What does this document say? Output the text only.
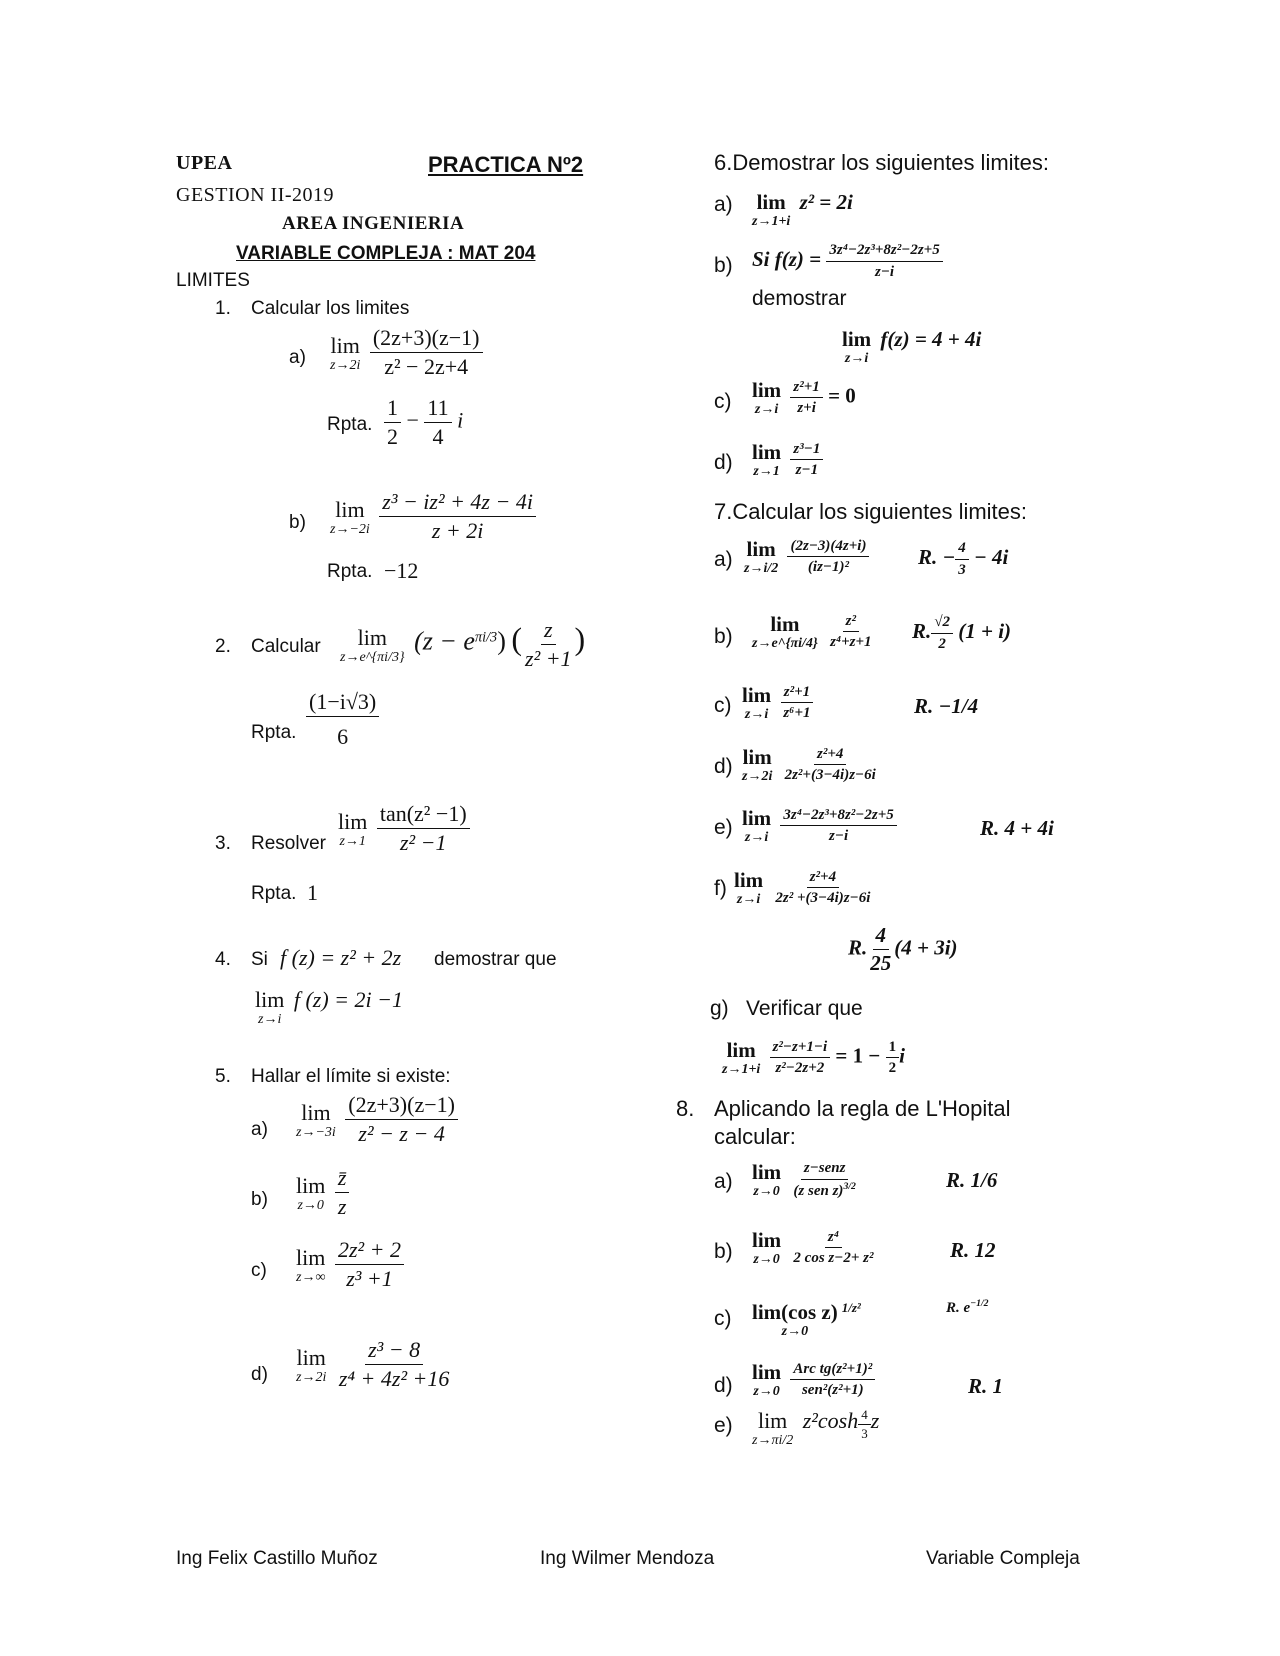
UPEA	PRACTICA Nº2
GESTION II-2019
AREA INGENIERIA
VARIABLE COMPLEJA : MAT 204
LIMITES
1. Calcular los limites
a) lim
z→2i
$\frac{(2z+3)(z-1)}{\text{z² − 2z+4}}$
Rpta. $\frac{1}{2} - \frac{11}{4}$ i
b)
lim
z→−2i
$\frac{\text{z³ − iz² + 4z − 4i}}{z + 2i}$
Rpta. −12
2. Calcular lim
z→e^{πi/3}
$(z - e^{\pi i/3})$ ( $\frac{z}{\text{z² +1}}$ )
Rpta. $\frac{(1-i√3)}{6}$
3. Resolver
lim
z→1
$\frac{\text{tan(z² −1)}}{\text{z² −1}}$
Rpta. 1
4. Si f (z) = z² + 2z demostrar que
lim
z→i
f (z) = 2i −1
5. Hallar el límite si existe:
a)
lim
z→−3i
$\frac{(2z+3)(z-1)}{\text{z² − z − 4}}$
b)
lim
z→0
$\frac{z̄}{z}$
c)
lim
z→∞
$\frac{\text{2z² + 2}}{\text{z³ +1}}$
d)
lim
z→2i
$\frac{\text{z³ − 8}}{\text{z⁴ + 4z² +16}}$
6.Demostrar los siguientes limites:
a) lim
z→1+i
z² = 2i
b) Si $f(z) = \frac{\text{3z⁴−2z³+8z²−2z+5}}{z-i}$
demostrar
lim
z→i
f(z) = 4 + 4i
c) lim
z→i
$\frac{\text{z²+1}}{z+i} = 0$
d) lim
z→1
$\frac{\text{z³−1}}{z-1}$
7.Calcular los siguientes limites:
a) lim
z→i/2
$\frac{(2z-3)(4z+i)}{\text{(iz−1)²}} R$. − $\frac{4}{3} - 4i$
b)
lim
z→e^{πi/4}
$\frac{\text{z²}}{\text{z⁴+z+1}} R$. $\frac{√2}{2} (1 + i)$
c) lim
z→i
$\frac{\text{z²+1}}{\text{z⁶+1}}$	R. −1/4
d) lim
z→2i
$\frac{\text{z²+4}}{\text{2z²+(3−4i)z−6i}}$
e) lim
z→i
$\frac{\text{3z⁴−2z³+8z²−2z+5}}{z-i}$	R. 4 + 4i
f) lim
z→i
$\frac{\text{z²+4}}{\text{2z² +(3−4i)z−6i}}$
R. $\frac{4}{25} (4 + 3i)$
g) Verificar que
lim
z→1+i
$\frac{\text{z²−z+1−i}}{\text{z²−2z+2}} = 1 - \frac{1}{2}$ i
8. Aplicando la regla de L'Hopital
calcular:
a) lim
z→0
$\frac{\text{z−senz}}{(z sen z)^{3/2}}$	R. 1/6
b) lim
z→0
$\frac{\text{z⁴}}{\text{2 cos z−2+ z²}}$	R. 12
c) lim(cos z)
z→0
$^{1/z^2}$	R. $e^{-1/2}$
d)
lim
z→0
$\frac{\text{Arc tg(z²+1)²}}{\text{sen²(z²+1)}}$	R. 1
e) lim
z→πi/2
$z^2\cosh \frac{4}{3}$ z
Ing Felix Castillo Muñoz	Ing Wilmer Mendoza	Variable Compleja
